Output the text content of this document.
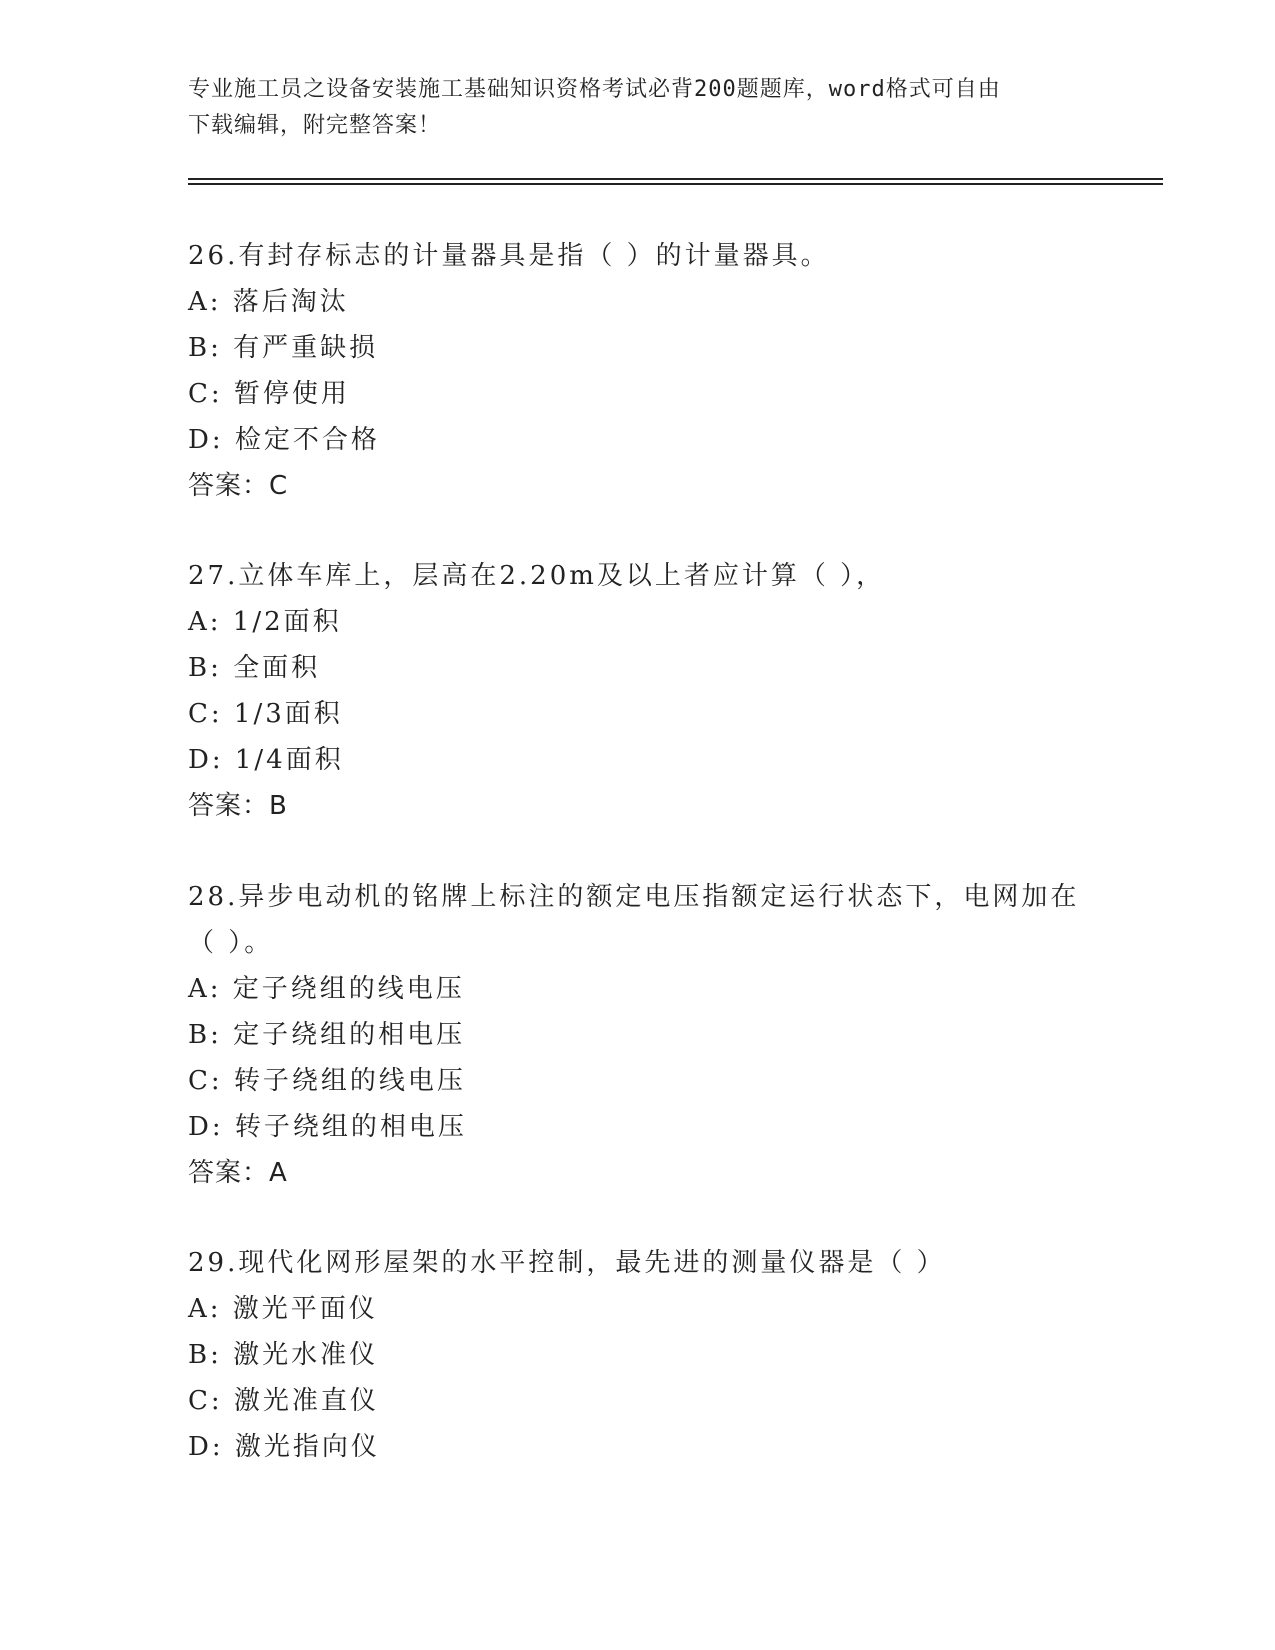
专业施工员之设备安装施工基础知识资格考试必背200题题库，word格式可自由
下载编辑，附完整答案！
26.有封存标志的计量器具是指（ ）的计量器具。
A: 落后淘汰
B: 有严重缺损
C: 暂停使用
D: 检定不合格
答案：C
27.立体车库上，层高在2.20m及以上者应计算（ ），
A: 1/2面积
B: 全面积
C: 1/3面积
D: 1/4面积
答案：B
28.异步电动机的铭牌上标注的额定电压指额定运行状态下，电网加在
（ ）。
A: 定子绕组的线电压
B: 定子绕组的相电压
C: 转子绕组的线电压
D: 转子绕组的相电压
答案：A
29.现代化网形屋架的水平控制，最先进的测量仪器是（ ）
A: 激光平面仪
B: 激光水准仪
C: 激光准直仪
D: 激光指向仪
